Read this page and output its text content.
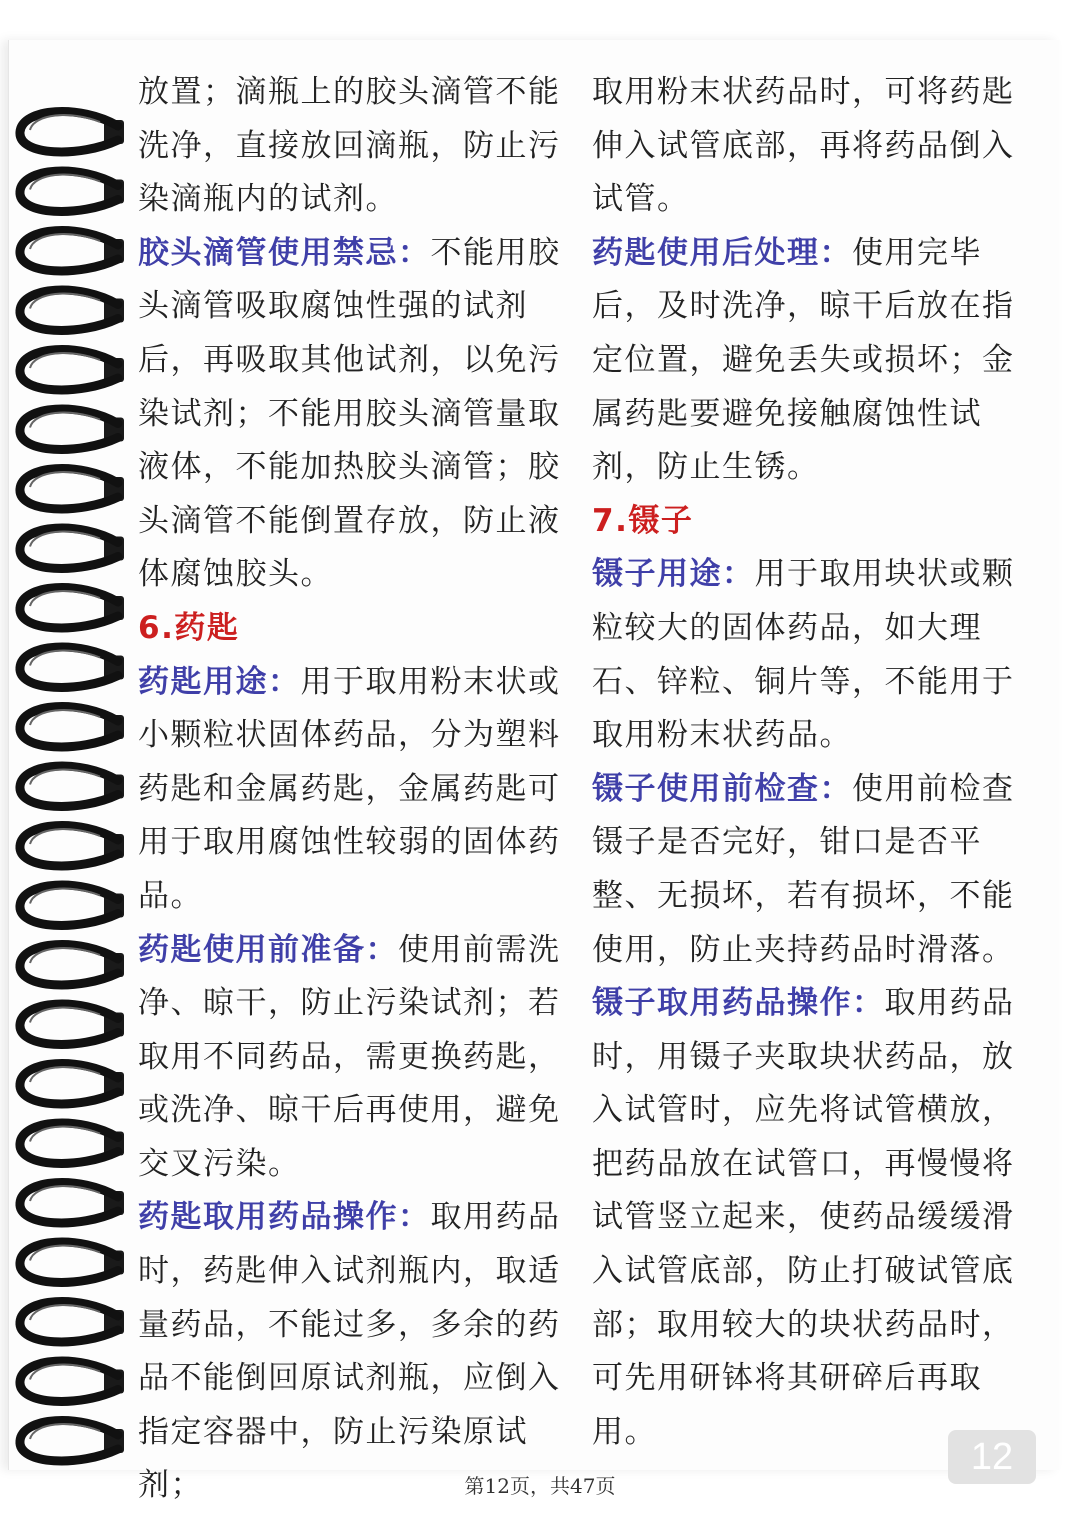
放置；滴瓶上的胶头滴管不能洗净，直接放回滴瓶，防止污染滴瓶内的试剂。

胶头滴管使用禁忌：不能用胶头滴管吸取腐蚀性强的试剂后，再吸取其他试剂，以免污染试剂；不能用胶头滴管量取液体，不能加热胶头滴管；胶头滴管不能倒置存放，防止液体腐蚀胶头。

6.药匙

药匙用途：用于取用粉末状或小颗粒状固体药品，分为塑料药匙和金属药匙，金属药匙可用于取用腐蚀性较弱的固体药品。

药匙使用前准备：使用前需洗净、晾干，防止污染试剂；若取用不同药品，需更换药匙，或洗净、晾干后再使用，避免交叉污染。

药匙取用药品操作：取用药品时，药匙伸入试剂瓶内，取适量药品，不能过多，多余的药品不能倒回原试剂瓶，应倒入指定容器中，防止污染原试剂；

取用粉末状药品时，可将药匙伸入试管底部，再将药品倒入试管。

药匙使用后处理：使用完毕后，及时洗净，晾干后放在指定位置，避免丢失或损坏；金属药匙要避免接触腐蚀性试剂，防止生锈。

7.镊子

镊子用途：用于取用块状或颗粒较大的固体药品，如大理石、锌粒、铜片等，不能用于取用粉末状药品。

镊子使用前检查：使用前检查镊子是否完好，钳口是否平整、无损坏，若有损坏，不能使用，防止夹持药品时滑落。

镊子取用药品操作：取用药品时，用镊子夹取块状药品，放入试管时，应先将试管横放，把药品放在试管口，再慢慢将试管竖立起来，使药品缓缓滑入试管底部，防止打破试管底部；取用较大的块状药品时，可先用研钵将其研碎后再取用。

12
第12页，共47页
